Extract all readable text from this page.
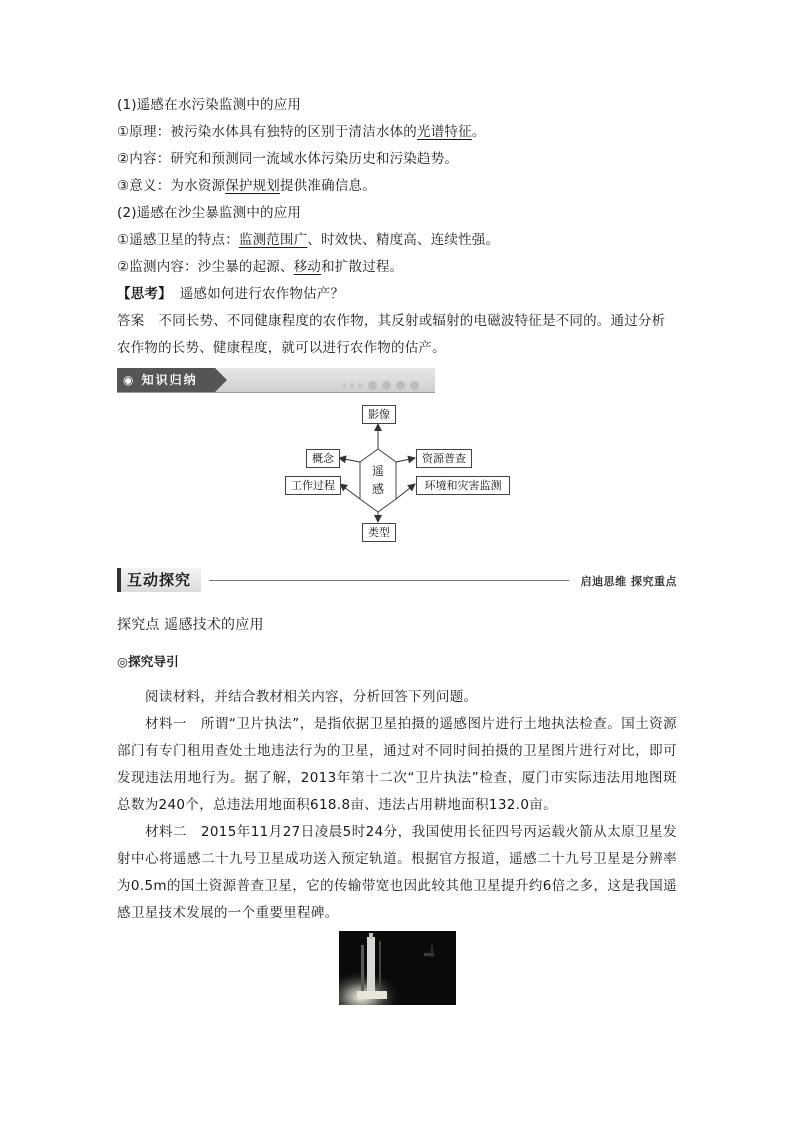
(1)遥感在水污染监测中的应用
①原理：被污染水体具有独特的区别于清洁水体的光谱特征。
②内容：研究和预测同一流域水体污染历史和污染趋势。
③意义：为水资源保护规划提供准确信息。
(2)遥感在沙尘暴监测中的应用
①遥感卫星的特点：监测范围广、时效快、精度高、连续性强。
②监测内容：沙尘暴的起源、移动和扩散过程。
【思考】 遥感如何进行农作物估产？
答案 不同长势、不同健康程度的农作物，其反射或辐射的电磁波特征是不同的。通过分析
农作物的长势、健康程度，就可以进行农作物的估产。
◉ 知识归纳
遥感
影像
类型
概念
工作过程
资源普查
环境和灾害监测
互动探究	启迪思维 探究重点
探究点 遥感技术的应用
◎探究导引

阅读材料，并结合教材相关内容，分析回答下列问题。

材料一　所谓“卫片执法”，是指依据卫星拍摄的遥感图片进行土地执法检查。国土资源部门有专门租用查处土地违法行为的卫星，通过对不同时间拍摄的卫星图片进行对比，即可发现违法用地行为。据了解，2013年第十二次“卫片执法”检查，厦门市实际违法用地图斑总数为240个，总违法用地面积618.8亩、违法占用耕地面积132.0亩。

材料二　2015年11月27日凌晨5时24分，我国使用长征四号丙运载火箭从太原卫星发射中心将遥感二十九号卫星成功送入预定轨道。根据官方报道，遥感二十九号卫星是分辨率为0.5m的国土资源普查卫星，它的传输带宽也因此较其他卫星提升约6倍之多，这是我国遥感卫星技术发展的一个重要里程碑。
